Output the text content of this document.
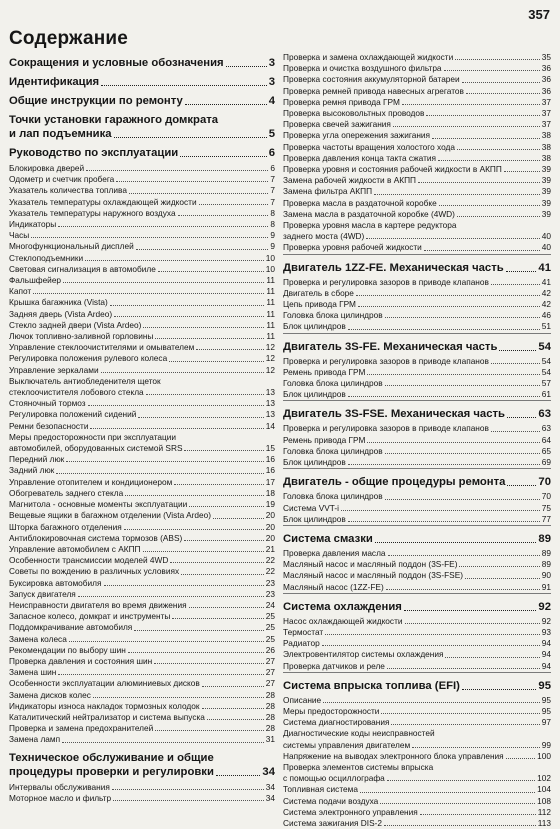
357
Содержание
Сокращения и условные обозначения	3
Идентификация	3
Общие инструкции по ремонту	4
Точки установки гаражного домкрата
и лап подъемника	5
Руководство по эксплуатации	6
Блокировка дверей	6
Одометр и счетчик пробега	7
Указатель количества топлива	7
Указатель температуры охлаждающей жидкости	7
Указатель температуры наружного воздуха	8
Индикаторы	8
Часы	9
Многофункциональный дисплей	9
Стеклоподъемники	10
Световая сигнализация в автомобиле	10
Фальшфейер	11
Капот	11
Крышка багажника (Vista)	11
Задняя дверь (Vista Ardeo)	11
Стекло задней двери (Vista Ardeo)	11
Лючок топливно-заливной горловины	11
Управление стеклоочистителями и омывателем	12
Регулировка положения рулевого колеса	12
Управление зеркалами	12
Выключатель антиобледенителя щеток
стеклоочистителя лобового стекла	13
Стояночный тормоз	13
Регулировка положений сидений	13
Ремни безопасности	14
Меры предосторожности при эксплуатации
автомобилей, оборудованных системой SRS	15
Передний люк	16
Задний люк	16
Управление отопителем и кондиционером	17
Обогреватель заднего стекла	18
Магнитола - основные моменты эксплуатации	19
Вещевые ящики в багажном отделении (Vista Ardeo)	20
Шторка багажного отделения	20
Антиблокировочная система тормозов (ABS)	20
Управление автомобилем с АКПП	21
Особенности трансмиссии моделей 4WD	22
Советы по вождению в различных условиях	22
Буксировка автомобиля	23
Запуск двигателя	23
Неисправности двигателя во время движения	24
Запасное колесо, домкрат и инструменты	25
Поддомкрачивание автомобиля	25
Замена колеса	25
Рекомендации по выбору шин	26
Проверка давления и состояния шин	27
Замена шин	27
Особенности эксплуатации алюминиевых дисков	27
Замена дисков колес	28
Индикаторы износа накладок тормозных колодок	28
Каталитический нейтрализатор и система выпуска	28
Проверка и замена предохранителей	28
Замена ламп	31
Техническое обслуживание и общие
процедуры проверки и регулировки	34
Интервалы обслуживания	34
Моторное масло и фильтр	34
Проверка и замена охлаждающей жидкости	35
Проверка и очистка воздушного фильтра	36
Проверка состояния аккумуляторной батареи	36
Проверка ремней привода навесных агрегатов	36
Проверка ремня привода ГРМ	37
Проверка высоковольтных проводов	37
Проверка свечей зажигания	37
Проверка угла опережения зажигания	38
Проверка частоты вращения холостого хода	38
Проверка давления конца такта сжатия	38
Проверка уровня и состояния рабочей жидкости в АКПП	39
Замена рабочей жидкости в АКПП	39
Замена фильтра АКПП	39
Проверка масла в раздаточной коробке	39
Замена масла в раздаточной коробке (4WD)	39
Проверка уровня масла в картере редуктора
заднего моста (4WD)	40
Проверка уровня рабочей жидкости	40
Двигатель 1ZZ-FE. Механическая часть	41
Проверка и регулировка зазоров в приводе клапанов	41
Двигатель в сборе	42
Цепь привода ГРМ	42
Головка блока цилиндров	46
Блок цилиндров	51
Двигатель 3S-FE. Механическая часть	54
Проверка и регулировка зазоров в приводе клапанов	54
Ремень привода ГРМ	54
Головка блока цилиндров	57
Блок цилиндров	61
Двигатель 3S-FSE. Механическая часть	63
Проверка и регулировка зазоров в приводе клапанов	63
Ремень привода ГРМ	64
Головка блока цилиндров	65
Блок цилиндров	69
Двигатель - общие процедуры ремонта	70
Головка блока цилиндров	70
Система VVT-i	75
Блок цилиндров	77
Система смазки	89
Проверка давления масла	89
Масляный насос и масляный поддон (3S-FE)	89
Масляный насос и масляный поддон (3S-FSE)	90
Масляный насос (1ZZ-FE)	91
Система охлаждения	92
Насос охлаждающей жидкости	92
Термостат	93
Радиатор	94
Электровентилятор системы охлаждения	94
Проверка датчиков и реле	94
Система впрыска топлива (EFI)	95
Описание	95
Меры предосторожности	95
Система диагностирования	97
Диагностические коды неисправностей
системы управления двигателем	99
Напряжение на выводах электронного блока управления	100
Проверка элементов системы впрыска
с помощью осциллографа	102
Топливная система	104
Система подачи воздуха	108
Система электронного управления	112
Система зажигания DIS-2	113
